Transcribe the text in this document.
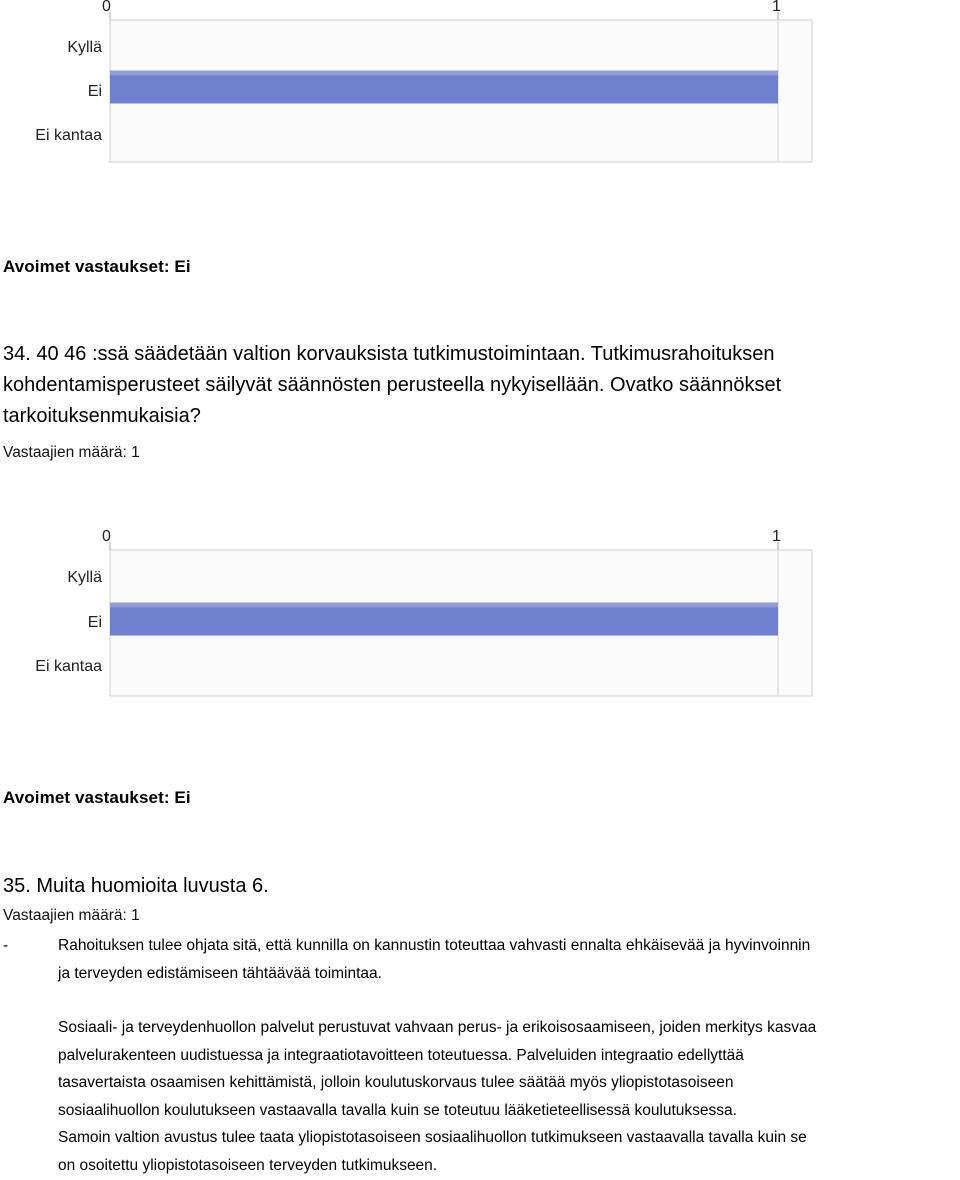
0	1
Kyllä
Ei
Ei kantaa
Avoimet vastaukset: Ei
34. 40 46 :ssä säädetään valtion korvauksista tutkimustoimintaan. Tutkimusrahoituksen
kohdentamisperusteet säilyvät säännösten perusteella nykyisellään. Ovatko säännökset
tarkoituksenmukaisia?
Vastaajien määrä: 1
0	1
Kyllä
Ei
Ei kantaa
Avoimet vastaukset: Ei
35. Muita huomioita luvusta 6.
Vastaajien määrä: 1
-	Rahoituksen tulee ohjata sitä, että kunnilla on kannustin toteuttaa vahvasti ennalta ehkäisevää ja hyvinvoinnin

ja terveyden edistämiseen tähtäävää toimintaa.

Sosiaali- ja terveydenhuollon palvelut perustuvat vahvaan perus- ja erikoisosaamiseen, joiden merkitys kasvaa

palvelurakenteen uudistuessa ja integraatiotavoitteen toteutuessa. Palveluiden integraatio edellyttää

tasavertaista osaamisen kehittämistä, jolloin koulutuskorvaus tulee säätää myös yliopistotasoiseen

sosiaalihuollon koulutukseen vastaavalla tavalla kuin se toteutuu lääketieteellisessä koulutuksessa.

Samoin valtion avustus tulee taata yliopistotasoiseen sosiaalihuollon tutkimukseen vastaavalla tavalla kuin se

on osoitettu yliopistotasoiseen terveyden tutkimukseen.
